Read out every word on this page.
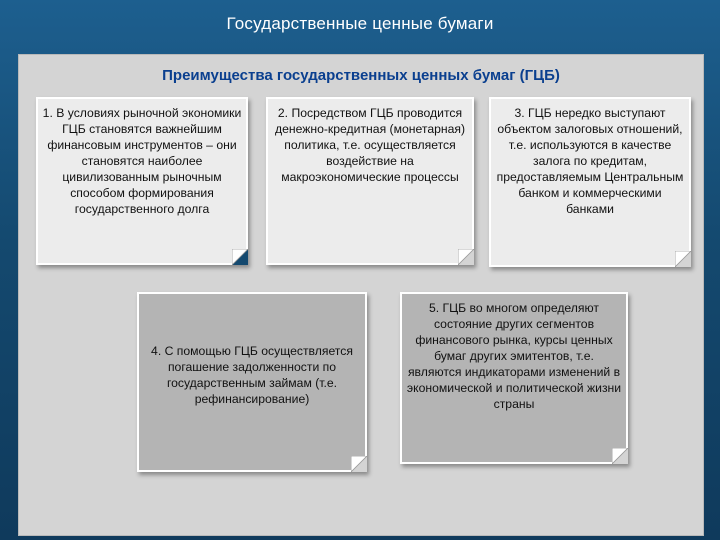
Государственные ценные бумаги
Преимущества государственных ценных бумаг (ГЦБ)
1. В условиях рыночной экономики ГЦБ становятся важнейшим финансовым инструментов – они становятся наиболее цивилизованным рыночным способом формирования государственного долга
2. Посредством ГЦБ проводится денежно-кредитная (монетарная) политика, т.е. осуществляется воздействие на макроэкономические процессы
3. ГЦБ нередко выступают объектом залоговых отношений, т.е. используются в качестве залога по кредитам, предоставляемым Центральным банком и коммерческими банками
4. С помощью ГЦБ осуществляется погашение задолженности по государственным займам (т.е. рефинансирование)
5. ГЦБ во многом определяют состояние других сегментов финансового рынка, курсы ценных бумаг других эмитентов, т.е. являются индикаторами изменений в экономической и политической жизни страны
